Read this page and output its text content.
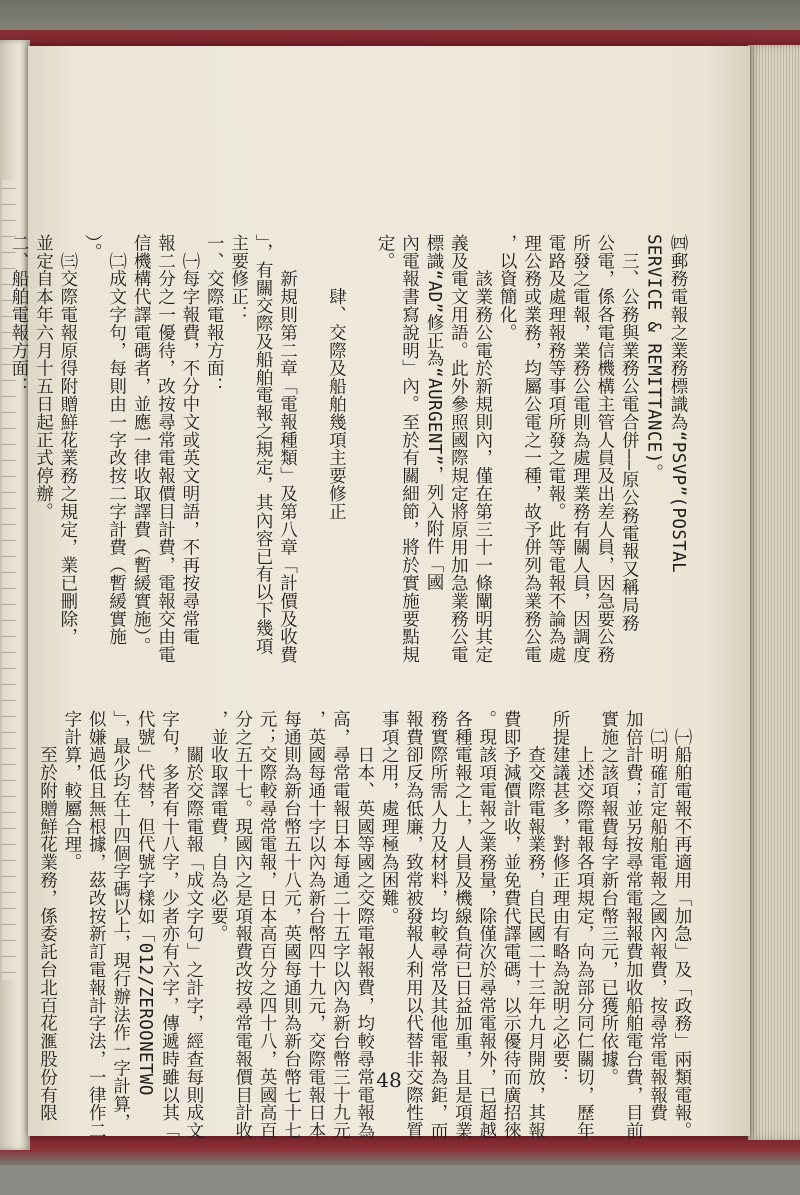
㈣郵務電報之業務標識為“PSVP”(POSTAL
SERVICE & REMITTANCE)。
　三、公務與業務公電合併——原公務電報又稱局務
公電，係各電信機構主管人員及出差人員，因急要公務
所發之電報，業務公電則為處理業務有關人員，因調度
電路及處理報務等事項所發之電報。此等電報不論為處
理公務或業務，均屬公電之一種，故予併列為業務公電
，以資簡化。
　　該業務公電於新規則內，僅在第三十一條闡明其定
義及電文用語。此外參照國際規定將原用加急業務公電
標識“AD”修正為“AURGENT”，列入附件「國
內電報書寫說明」內。至於有關細節，將於實施要點規
定。

　　　肆、交際及船舶幾項主要修正

　　新規則第二章「電報種類」及第八章「計價及收費
」，有關交際及船舶電報之規定，其內容已有以下幾項
主要修正：
一、交際電報方面：
　㈠每字報費，不分中文或英文明語，不再按尋常電
報二分之一優待，改按尋常電報價目計費，電報交由電
信機構代譯電碼者，並應一律收取譯費（暫緩實施）。
　㈡成文字句，每則由一字改按二字計費（暫緩實施
）。
　㈢交際電報原得附贈鮮花業務之規定，業已刪除，
並定自本年六月十五日起正式停辦。
二、船舶電報方面：
　㈠船舶電報不再適用「加急」及「政務」兩類電報。
　㈡明確訂定船舶電報之國內報費，按尋常電報報費
加倍計費；並另按尋常電報報費加收船舶電台費，目前
實施之該項報費每字新台幣三元，已獲所依據。
　　上述交際電報各項規定，向為部分同仁關切，歷年
所提建議甚多，對修正理由有略為說明之必要：
　　查交際電報業務，自民國二十三年九月開放，其報
費即予減價計收，並免費代譯電碼，以示優待而廣招徠
。現該項電報之業務量，除僅次於尋常電報外，已超越
各種電報之上，人員及機線負荷已日益加重，且是項業
務實際所需人力及材料，均較尋常及其他電報為鉅，而
報費卻反為低廉，致常被發報人利用以代替非交際性質
事項之用，處理極為困難。
　　日本、英國等國之交際電報報費，均較尋常電報為
高，尋常電報日本每通二十五字以內為新台幣三十九元
，英國每通十字以內為新台幣四十九元，交際電報日本
每通則為新台幣五十八元，英國每通則為新台幣七十七
元；交際較尋常電報，日本高百分之四十八，英國高百
分之五十七。現國內之是項報費改按尋常電報價目計收
，並收取譯電費，自為必要。
　　關於交際電報「成文字句」之計字，經查每則成文
字句，多者有十八字，少者亦有六字，傳遞時雖以其「
代號」代替，但代號字樣如「012/ZEROONETWO
」，最少均在十四個字碼以上，現行辦法作一字計算，
似嫌過低且無根據，茲改按新訂電報計字法，一律作二
字計算，較屬合理。
　　至於附贈鮮花業務，係委託台北百花滙股份有限	48
